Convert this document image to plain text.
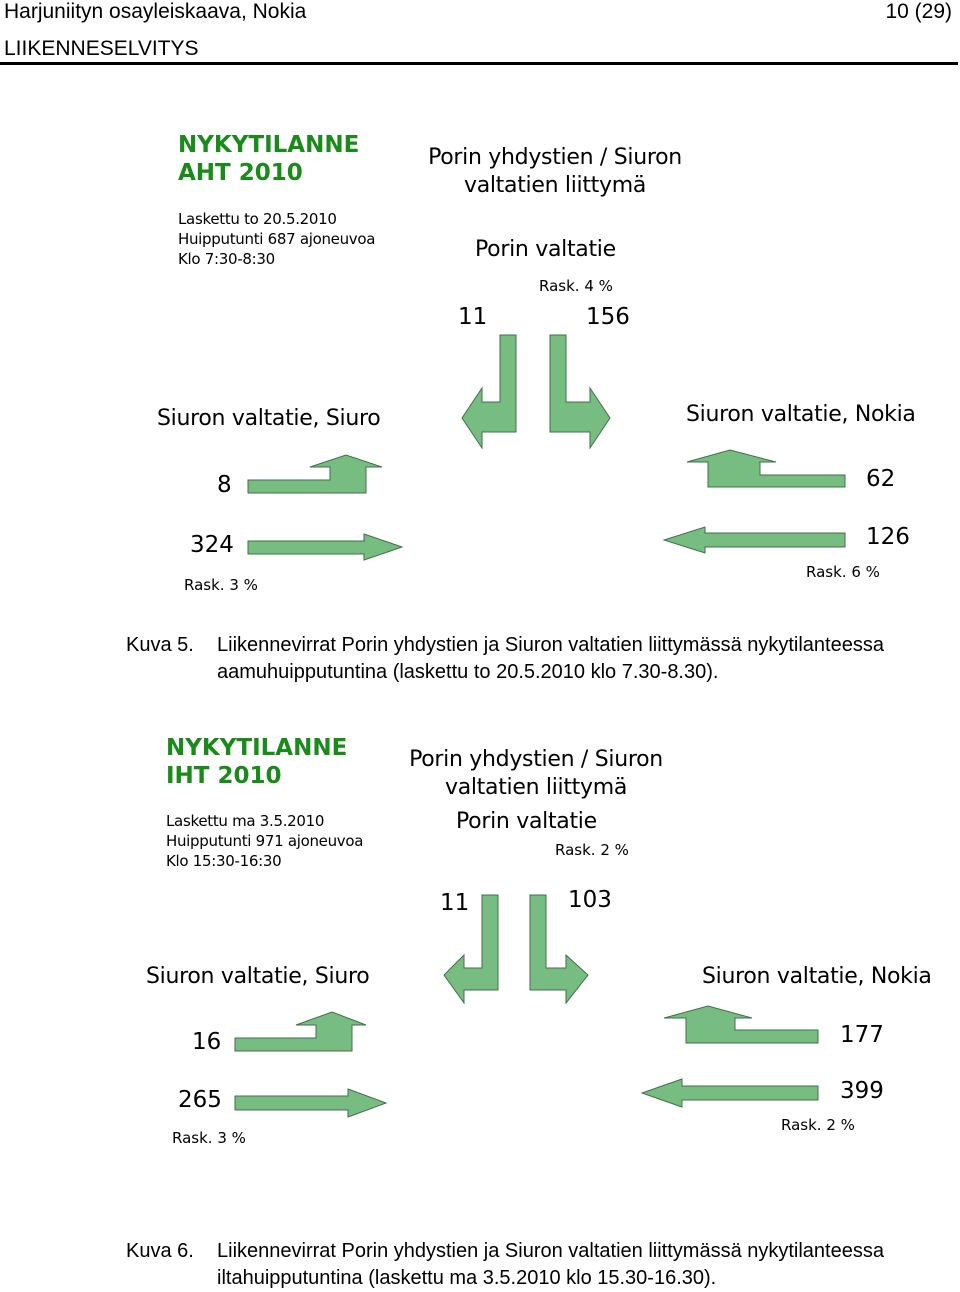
Harjuniityn osayleiskaava, Nokia	10 (29)
LIIKENNESELVITYS
NYKYTILANNE
AHT 2010
Laskettu to 20.5.2010
Huipputunti 687 ajoneuvoa
Klo 7:30-8:30
Porin yhdystien / Siuron
valtatien liittymä
Porin valtatie
Rask. 4 %
11	156
Siuron valtatie, Siuro
8
324
Rask. 3 %
Siuron valtatie, Nokia
62
126
Rask. 6 %
Kuva 5. Liikennevirrat Porin yhdystien ja Siuron valtatien liittymässä nykytilanteessa
aamuhuipputuntina (laskettu to 20.5.2010 klo 7.30-8.30).
NYKYTILANNE
IHT 2010
Laskettu ma 3.5.2010
Huipputunti 971 ajoneuvoa
Klo 15:30-16:30
Porin yhdystien / Siuron
valtatien liittymä
Porin valtatie
Rask. 2 %
11	103
Siuron valtatie, Siuro
16
265
Rask. 3 %
Siuron valtatie, Nokia
177
399
Rask. 2 %
Kuva 6. Liikennevirrat Porin yhdystien ja Siuron valtatien liittymässä nykytilanteessa
iltahuipputuntina (laskettu ma 3.5.2010 klo 15.30-16.30).
